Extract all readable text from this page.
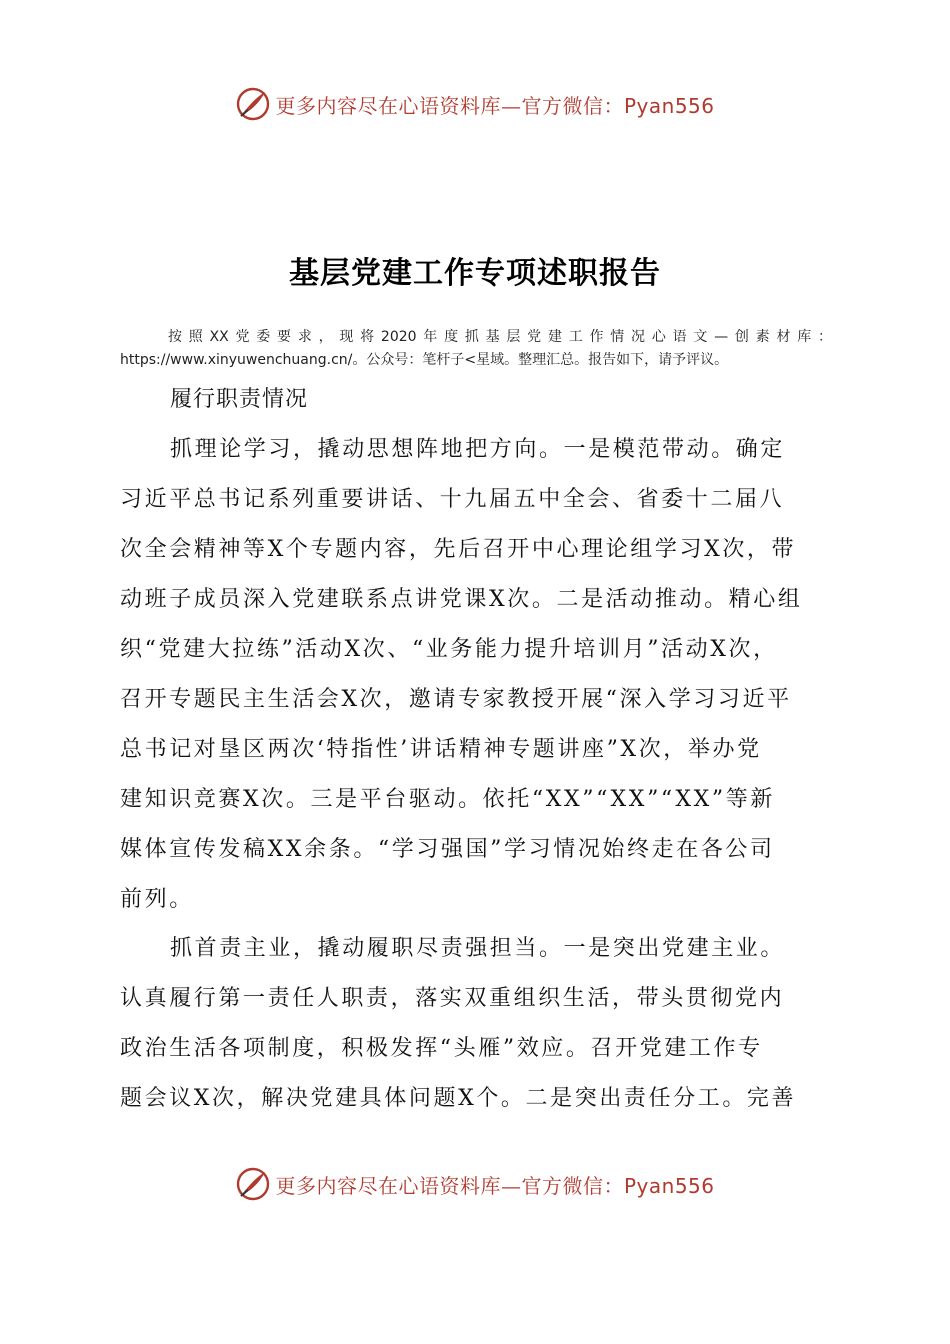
更多内容尽在心语资料库—官方微信：Pyan556
基层党建工作专项述职报告

按照XX党委要求，现将2020年度抓基层党建工作情况心语文—创素材库：https://www.xinyuwenchuang.cn/。公众号：笔杆子<星域。整理汇总。报告如下，请予评议。

履行职责情况

抓理论学习，撬动思想阵地把方向。一是模范带动。确定
习近平总书记系列重要讲话、十九届五中全会、省委十二届八
次全会精神等X个专题内容，先后召开中心理论组学习X次，带
动班子成员深入党建联系点讲党课X次。二是活动推动。精心组
织“党建大拉练”活动X次、“业务能力提升培训月”活动X次，
召开专题民主生活会X次，邀请专家教授开展“深入学习习近平
总书记对垦区两次‘特指性’讲话精神专题讲座”X次，举办党
建知识竞赛X次。三是平台驱动。依托“XX”“XX”“XX”等新
媒体宣传发稿XX余条。“学习强国”学习情况始终走在各公司
前列。
抓首责主业，撬动履职尽责强担当。一是突出党建主业。
认真履行第一责任人职责，落实双重组织生活，带头贯彻党内
政治生活各项制度，积极发挥“头雁”效应。召开党建工作专
题会议X次，解决党建具体问题X个。二是突出责任分工。完善
更多内容尽在心语资料库—官方微信：Pyan556
